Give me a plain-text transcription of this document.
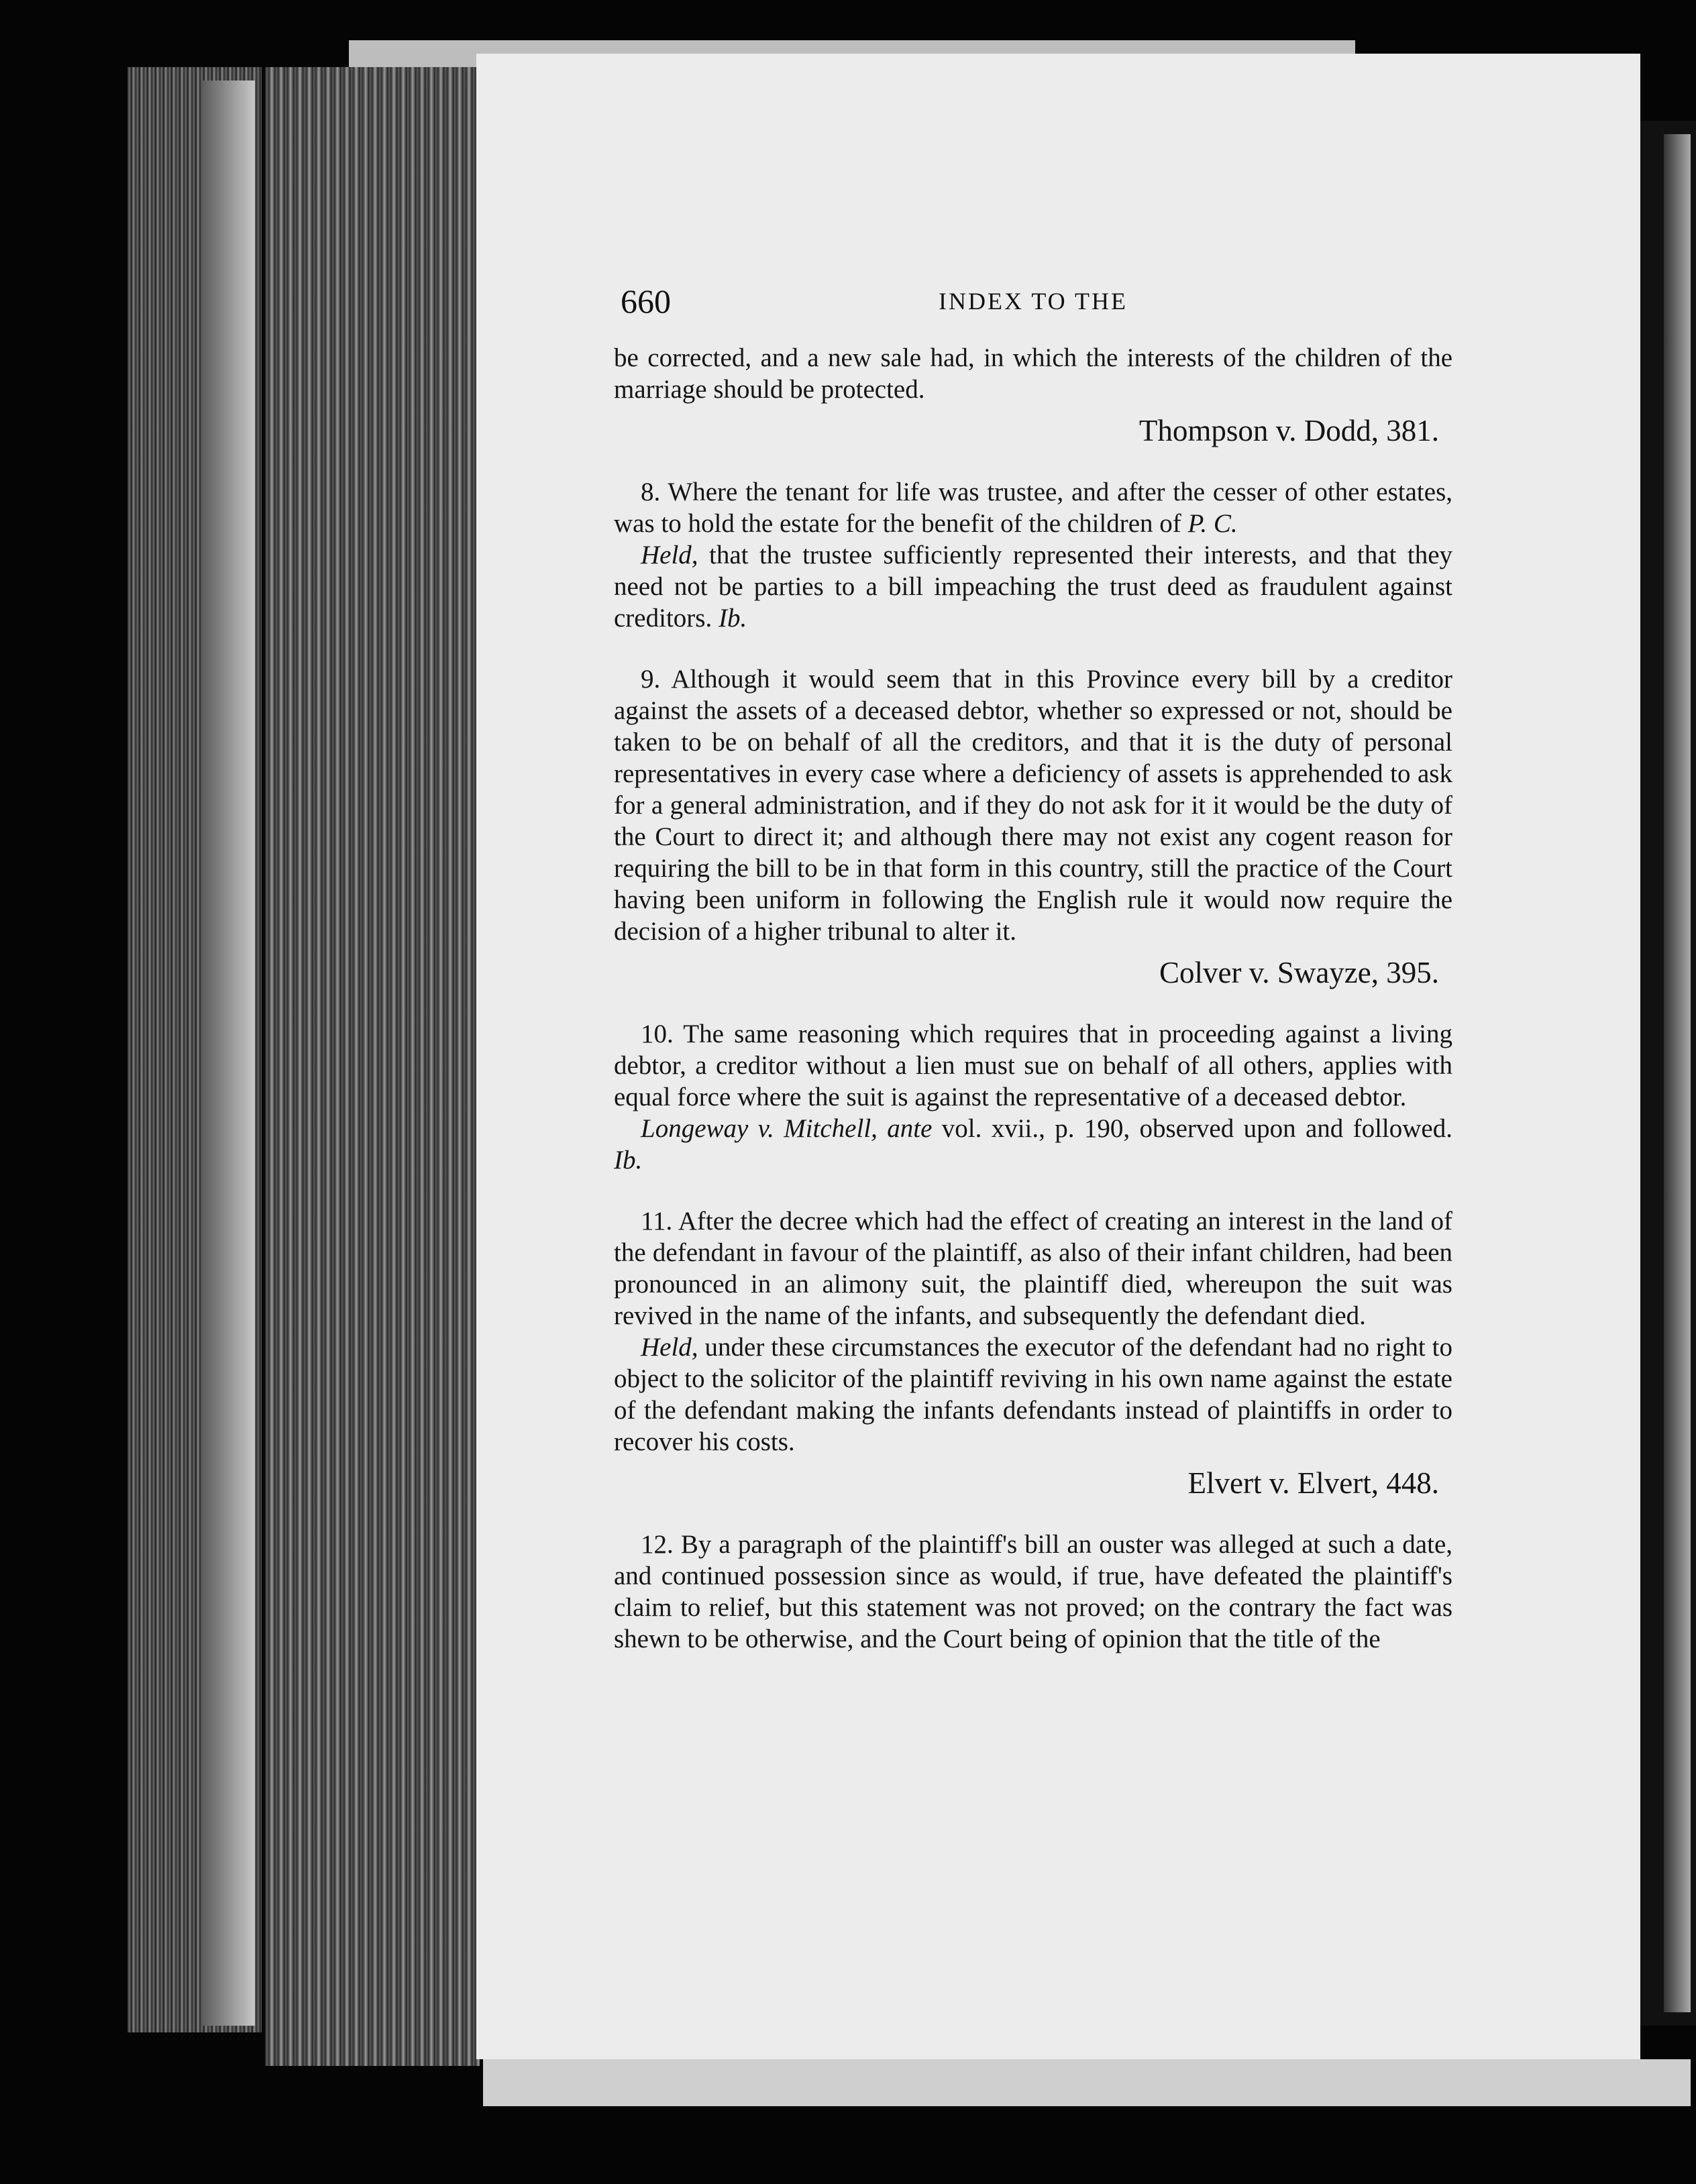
660	INDEX TO THE

be corrected, and a new sale had, in which the interests of the children of the marriage should be protected.

Thompson v. Dodd, 381.

8. Where the tenant for life was trustee, and after the cesser of other estates, was to hold the estate for the benefit of the children of P. C.

Held, that the trustee sufficiently represented their interests, and that they need not be parties to a bill impeaching the trust deed as fraudulent against creditors. Ib.

9. Although it would seem that in this Province every bill by a creditor against the assets of a deceased debtor, whether so expressed or not, should be taken to be on behalf of all the creditors, and that it is the duty of personal representatives in every case where a deficiency of assets is apprehended to ask for a general administration, and if they do not ask for it it would be the duty of the Court to direct it; and although there may not exist any cogent reason for requiring the bill to be in that form in this country, still the practice of the Court having been uniform in following the English rule it would now require the decision of a higher tribunal to alter it.

Colver v. Swayze, 395.

10. The same reasoning which requires that in proceeding against a living debtor, a creditor without a lien must sue on behalf of all others, applies with equal force where the suit is against the representative of a deceased debtor.

Longeway v. Mitchell, ante vol. xvii., p. 190, observed upon and followed. Ib.

11. After the decree which had the effect of creating an interest in the land of the defendant in favour of the plaintiff, as also of their infant children, had been pronounced in an alimony suit, the plaintiff died, whereupon the suit was revived in the name of the infants, and subsequently the defendant died.

Held, under these circumstances the executor of the defendant had no right to object to the solicitor of the plaintiff reviving in his own name against the estate of the defendant making the infants defendants instead of plaintiffs in order to recover his costs.

Elvert v. Elvert, 448.

12. By a paragraph of the plaintiff's bill an ouster was alleged at such a date, and continued possession since as would, if true, have defeated the plaintiff's claim to relief, but this statement was not proved; on the contrary the fact was shewn to be otherwise, and the Court being of opinion that the title of the
